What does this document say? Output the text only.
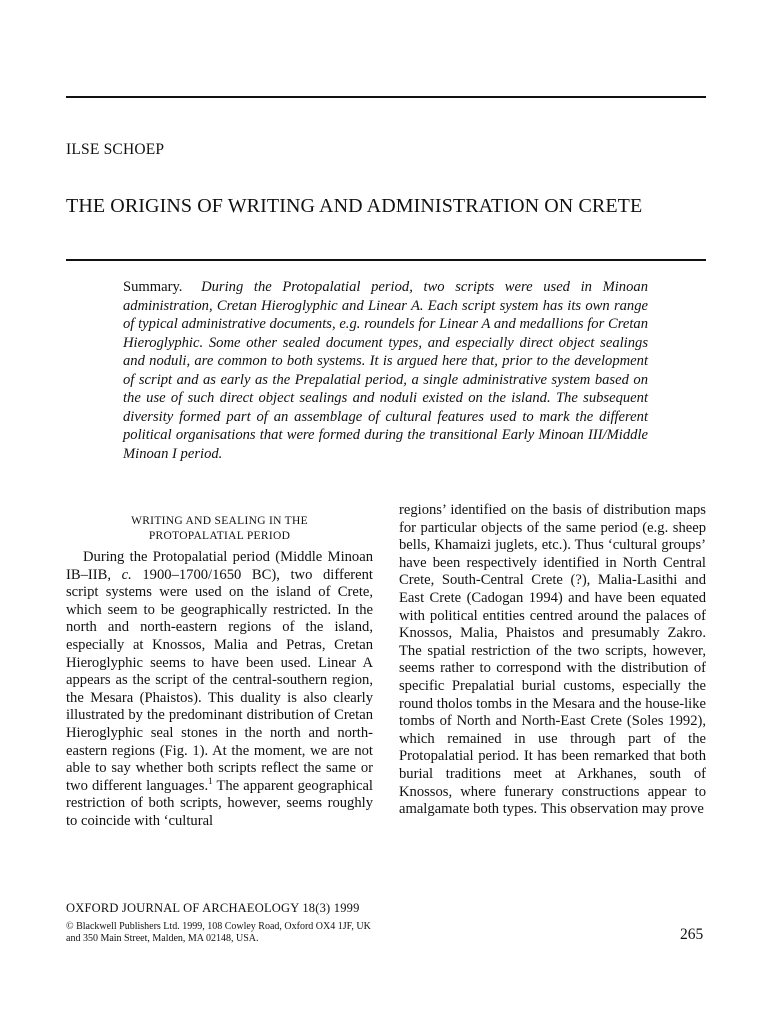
ILSE SCHOEP
THE ORIGINS OF WRITING AND ADMINISTRATION ON CRETE
Summary. During the Protopalatial period, two scripts were used in Minoan administration, Cretan Hieroglyphic and Linear A. Each script system has its own range of typical administrative documents, e.g. roundels for Linear A and medallions for Cretan Hieroglyphic. Some other sealed document types, and especially direct object sealings and noduli, are common to both systems. It is argued here that, prior to the development of script and as early as the Prepalatial period, a single administrative system based on the use of such direct object sealings and noduli existed on the island. The subsequent diversity formed part of an assemblage of cultural features used to mark the different political organisations that were formed during the transitional Early Minoan III/Middle Minoan I period.
WRITING AND SEALING IN THE
PROTOPALATIAL PERIOD
During the Protopalatial period (Middle Minoan IB–IIB, c. 1900–1700/1650 BC), two different script systems were used on the island of Crete, which seem to be geographically restricted. In the north and north-eastern regions of the island, especially at Knossos, Malia and Petras, Cretan Hieroglyphic seems to have been used. Linear A appears as the script of the central-southern region, the Mesara (Phaistos). This duality is also clearly illustrated by the predominant distribution of Cretan Hieroglyphic seal stones in the north and north-eastern regions (Fig. 1). At the moment, we are not able to say whether both scripts reflect the same or two different languages.$^1$ The apparent geographical restriction of both scripts, however, seems roughly to coincide with ‘cultural
regions’ identified on the basis of distribution maps for particular objects of the same period (e.g. sheep bells, Khamaizi juglets, etc.). Thus ‘cultural groups’ have been respectively identified in North Central Crete, South-Central Crete (?), Malia-Lasithi and East Crete (Cadogan 1994) and have been equated with political entities centred around the palaces of Knossos, Malia, Phaistos and presumably Zakro. The spatial restriction of the two scripts, however, seems rather to correspond with the distribution of specific Prepalatial burial customs, especially the round tholos tombs in the Mesara and the house-like tombs of North and North-East Crete (Soles 1992), which remained in use through part of the Protopalatial period. It has been remarked that both burial traditions meet at Arkhanes, south of Knossos, where funerary constructions appear to amalgamate both types. This observation may prove
OXFORD JOURNAL OF ARCHAEOLOGY 18(3) 1999
© Blackwell Publishers Ltd. 1999, 108 Cowley Road, Oxford OX4 1JF, UK
and 350 Main Street, Malden, MA 02148, USA.	265
